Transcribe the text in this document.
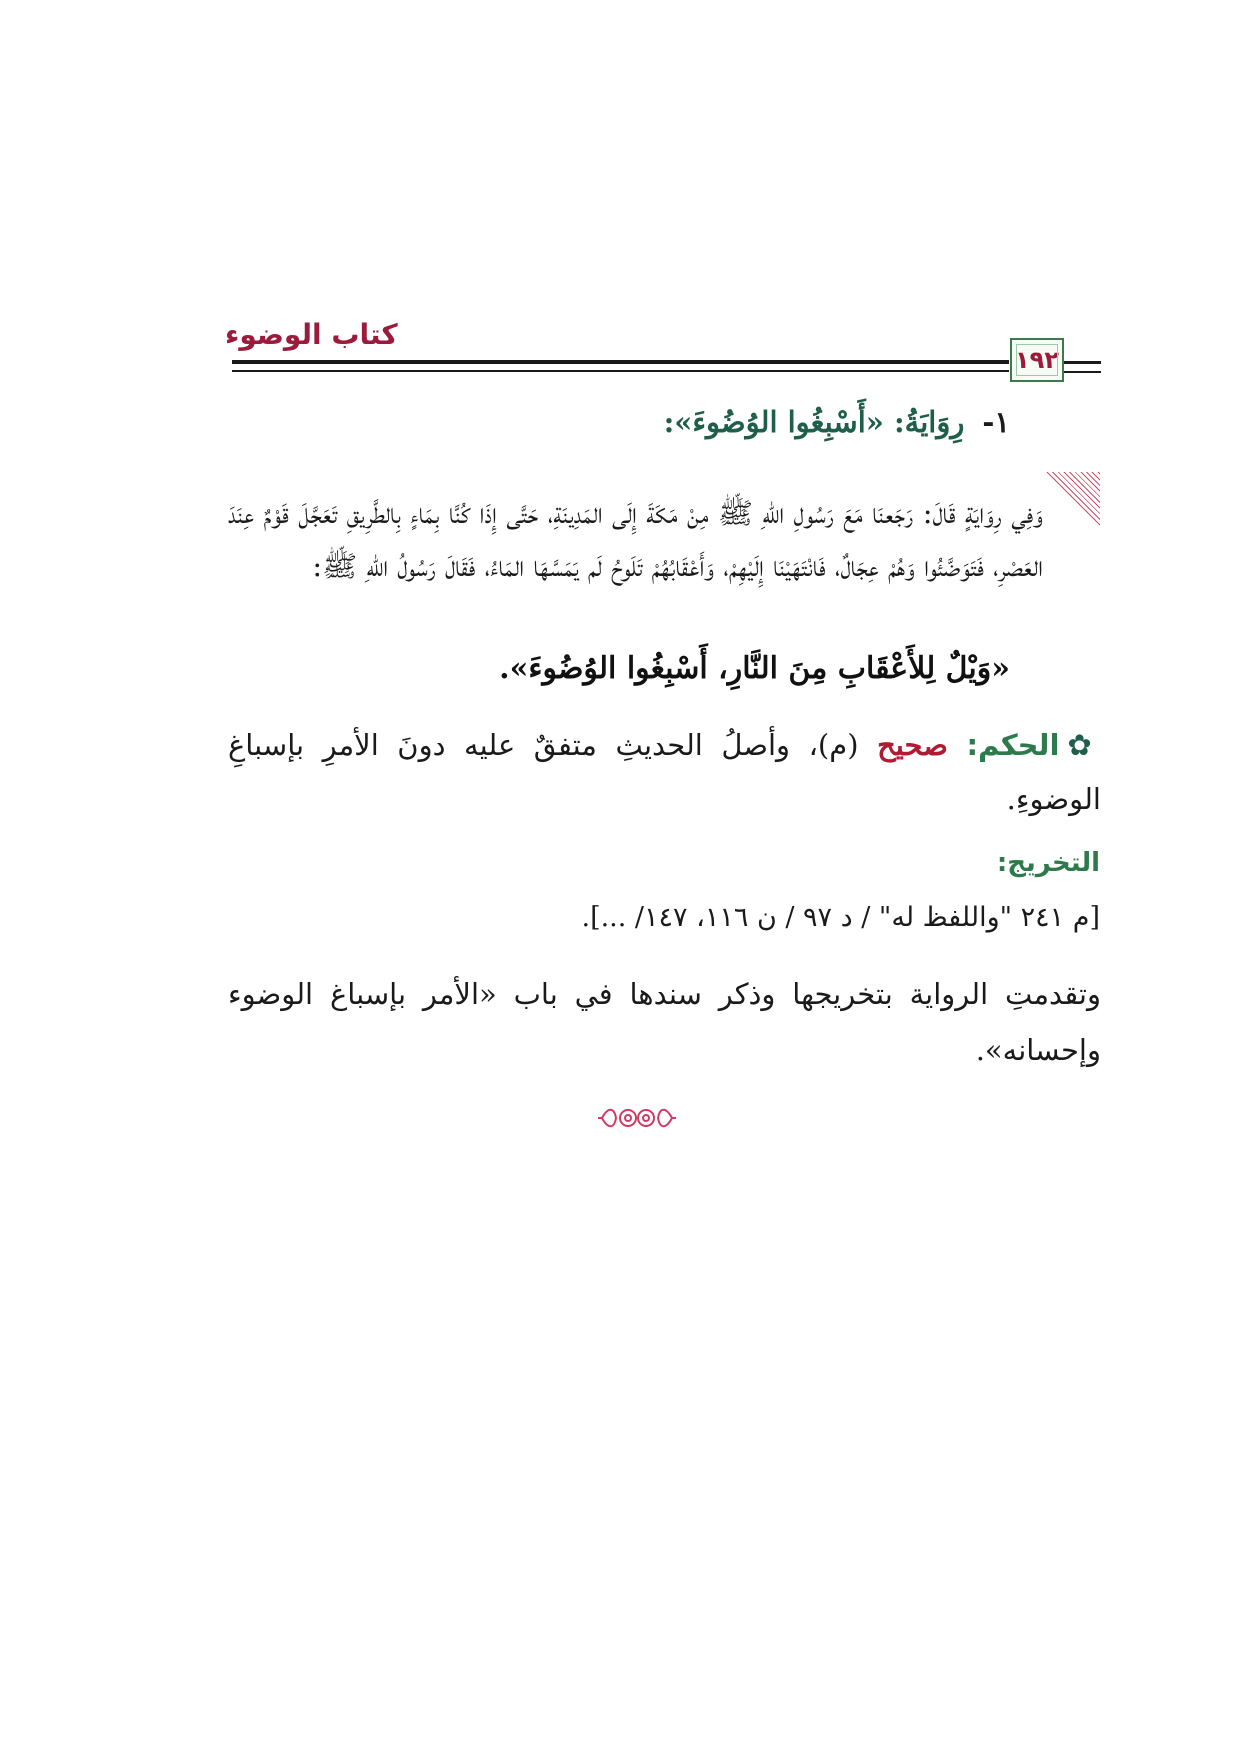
كتاب الوضوء
١٩٢
١-رِوَايَةُ: «أَسْبِغُوا الوُضُوءَ»:
وَفِي رِوَايَةٍ قَالَ: رَجَعنَا مَعَ رَسُولِ اللهِ ﷺ مِنْ مَكَةَ إِلَى المَدِينَةِ، حَتَّى إِذَا كُنَّا بِمَاءٍ بِالطَّرِيقِ تَعَجَّلَ قَوْمٌ عِنَدَ العَصْرِ، فَتَوَضَّئُوا وَهُمْ عِجَالٌ، فَانْتَهَيْنَا إِلَيْهِمْ، وَأَعْقَابُهُمْ تَلَوحُ لَم يَمَسَّهَا المَاءُ، فَقَالَ رَسُولُ اللهِ ﷺ:
«وَيْلٌ لِلأَعْقَابِ مِنَ النَّارِ، أَسْبِغُوا الوُضُوءَ».
✿الحكم: صحيح (م)، وأصلُ الحديثِ متفقٌ عليه دونَ الأمرِ بإسباغِ الوضوءِ.
التخريج:
[م ٢٤١ "واللفظ له" / د ٩٧ / ن ١١٦، ١٤٧/ ...].
وتقدمتِ الرواية بتخريجها وذكر سندها في باب «الأمر بإسباغ الوضوء وإحسانه».
